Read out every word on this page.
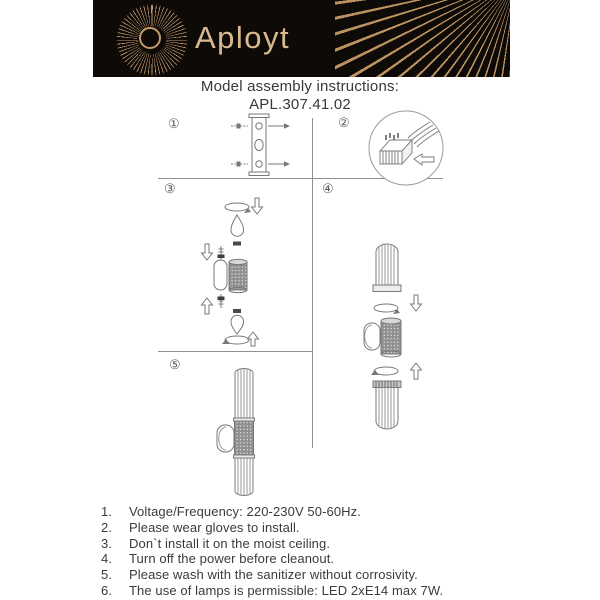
Aployt
Model assembly instructions:
APL.307.41.02
①	②
③	④
⑤
1.	Voltage/Frequency: 220-230V 50-60Hz.
2.	Please wear gloves to install.
3.	Don`t install it on the moist ceiling.
4.	Turn off the power before cleanout.
5.	Please wash with the sanitizer without corrosivity.
6.	The use of lamps is permissible: LED 2xE14 max 7W.
